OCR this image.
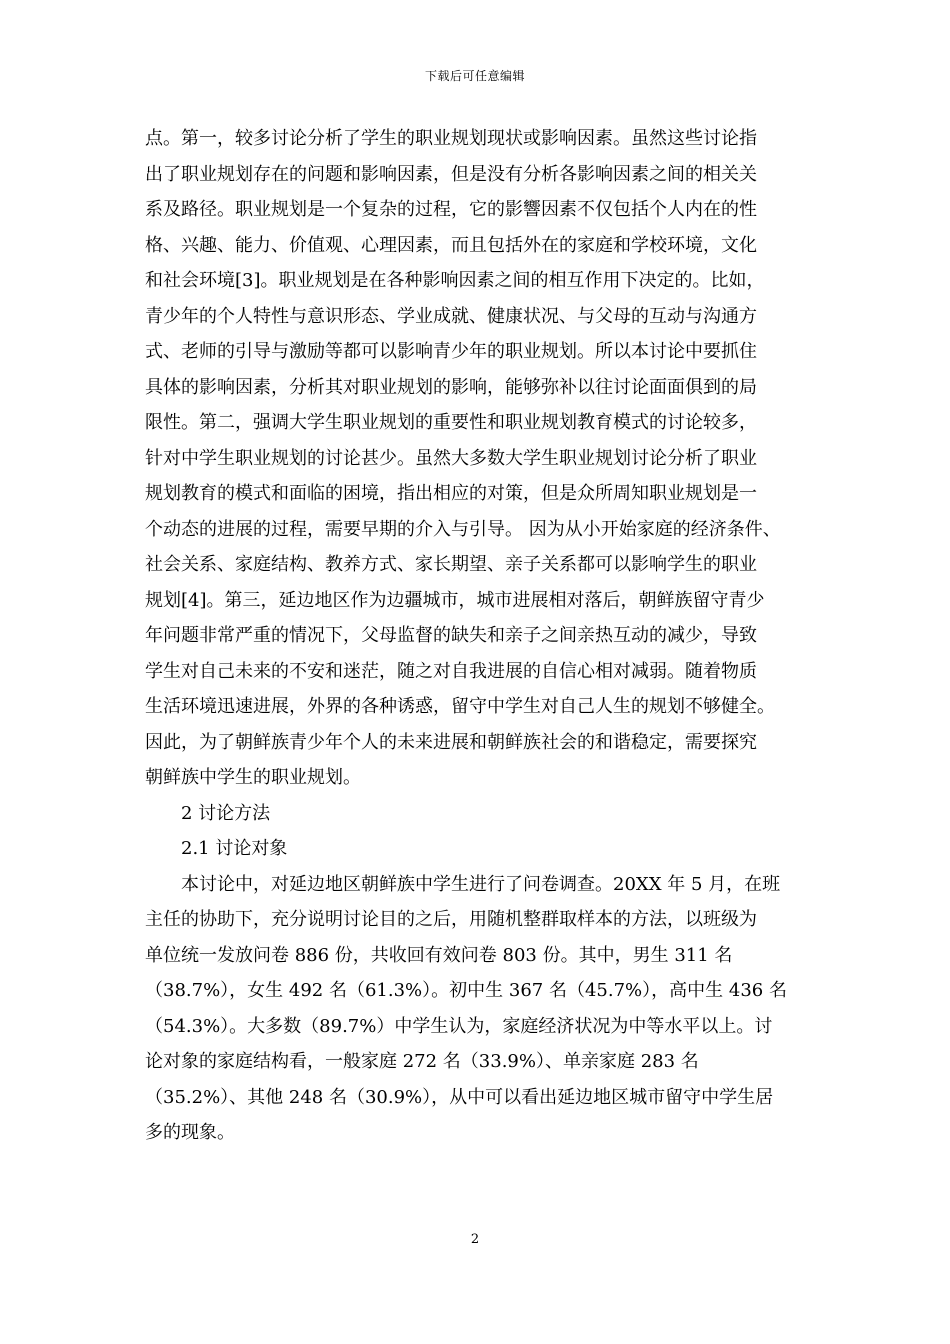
下载后可任意编辑
点。第一，较多讨论分析了学生的职业规划现状或影响因素。虽然这些讨论指
出了职业规划存在的问题和影响因素，但是没有分析各影响因素之间的相关关
系及路径。职业规划是一个复杂的过程，它的影響因素不仅包括个人内在的性
格、兴趣、能力、价值观、心理因素，而且包括外在的家庭和学校环境，文化
和社会环境[3]。职业规划是在各种影响因素之间的相互作用下决定的。比如，
青少年的个人特性与意识形态、学业成就、健康状况、与父母的互动与沟通方
式、老师的引导与激励等都可以影响青少年的职业规划。所以本讨论中要抓住
具体的影响因素，分析其对职业规划的影响，能够弥补以往讨论面面俱到的局
限性。第二，强调大学生职业规划的重要性和职业规划教育模式的讨论较多，
针对中学生职业规划的讨论甚少。虽然大多数大学生职业规划讨论分析了职业
规划教育的模式和面临的困境，指出相应的对策，但是众所周知职业规划是一
个动态的进展的过程，需要早期的介入与引导。 因为从小开始家庭的经济条件、
社会关系、家庭结构、教养方式、家长期望、亲子关系都可以影响学生的职业
规划[4]。第三，延边地区作为边疆城市，城市进展相对落后，朝鲜族留守青少
年问题非常严重的情况下，父母监督的缺失和亲子之间亲热互动的减少，导致
学生对自己未来的不安和迷茫，随之对自我进展的自信心相对减弱。随着物质
生活环境迅速进展，外界的各种诱惑，留守中学生对自己人生的规划不够健全。
因此，为了朝鲜族青少年个人的未来进展和朝鲜族社会的和谐稳定，需要探究
朝鲜族中学生的职业规划。
2 讨论方法
2.1 讨论对象
本讨论中，对延边地区朝鲜族中学生进行了问卷调查。20XX 年 5 月，在班
主任的协助下，充分说明讨论目的之后，用随机整群取样本的方法，以班级为
单位统一发放问卷 886 份，共收回有效问卷 803 份。其中，男生 311 名
（38.7%），女生 492 名（61.3%）。初中生 367 名（45.7%），高中生 436 名
（54.3%）。大多数（89.7%）中学生认为，家庭经济状况为中等水平以上。讨
论对象的家庭结构看，一般家庭 272 名（33.9%）、单亲家庭 283 名
（35.2%）、其他 248 名（30.9%），从中可以看出延边地区城市留守中学生居
多的现象。
2
